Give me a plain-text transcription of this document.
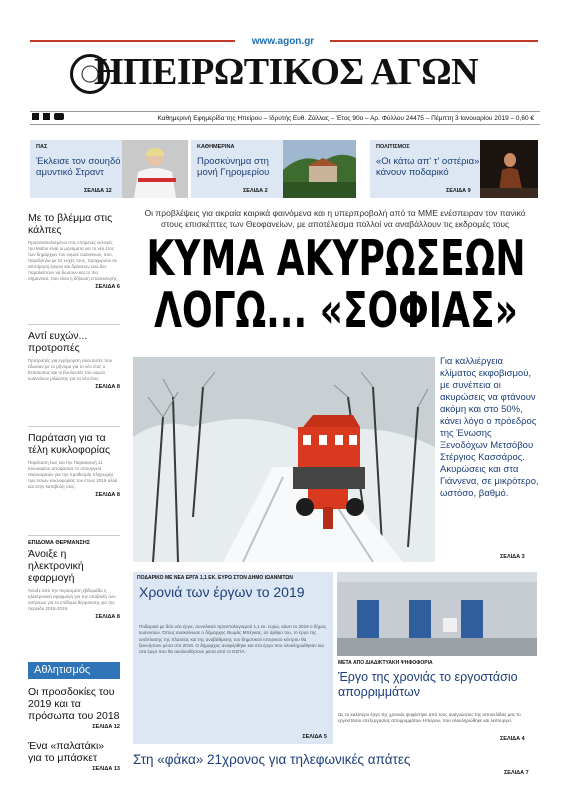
www.agon.gr
ΗΠΕΙΡΩΤΙΚΟΣ ΑΓΩΝ
Καθημερινή Εφημερίδα της Ηπείρου – Ιδρυτής Ευθ. Ζάλλας – Έτος 90ο – Αρ. Φύλλου 24475 – Πέμπτη 3 Ιανουαρίου 2019 – 0,60 €

ΠΑΣ
Έκλεισε τον σουηδό αμυντικό Στραντ
ΣΕΛΙΔΑ 12
ΚΑΘΗΜΕΡΙΝΑ
Προσκύνημα στη μονή Γηρομερίου
ΣΕΛΙΔΑ 2
ΠΟΛΙΤΙΣΜΟΣ
«Οι κάτω απ' τ' οστέρια» κάνουν ποδαρικό
ΣΕΛΙΔΑ 9
Με το βλέμμα στις κάλπες
Προσανατολισμένοι στις επόμενες εκλογές του Μαΐου είναι οι μηνύματα για το νέο έτος των δημάρχων του νομού Ιωαννίνων, που, παράλληλα με τις ευχές τους, προχωρούν σε αποτίμηση έργων και δράσεων ενώ δεν παραλείπουν να δώσουν και το πιο σημαντικό, που είναι η δήλωση επανεκλογής.
ΣΕΛΙΔΑ 6
Αντί ευχών... προτροπές
Προτροπές για εγρήγορση είναι αυτές που έδωσαν με το μήνυμα για το νέο έτος ο Επίσκοπος και οι βουλευτές του νομού Ιωαννίνων μιλώντας για τα νέα έτος.
ΣΕΛΙΔΑ 8
Παράταση για τα τέλη κυκλοφορίας
Παράταση έως και την Παρασκευή 11 Ιανουαρίου αποφάσισε το υπουργείο Οικονομικών για την προθεσμία πληρωμής των τελών κυκλοφορίας του έτους 2019 αλλά και στην καταβολή τους.
ΣΕΛΙΔΑ 8
ΕΠΙΔΟΜΑ ΘΕΡΜΑΝΣΗΣ
Άνοιξε η ηλεκτρονική εφαρμογή
Άνοιξε από την περασμένη εβδομάδα η ηλεκτρονική εφαρμογή για την υποβολή των αιτήσεων για το επίδομα θέρμανσης για την περίοδο 2018-2019.
ΣΕΛΙΔΑ 8
Αθλητισμός
Οι προσδοκίες του 2019 και τα πρόσωπα του 2018
ΣΕΛΙΔΑ 12
Ένα «παλατάκι» για το μπάσκετ
ΣΕΛΙΔΑ 13
Οι προβλέψεις για ακραία καιρικά φαινόμενα και η υπερπροβολή από τα ΜΜΕ ενέσπειραν τον πανικό στους επισκέπτες των Θεοφανείων, με αποτέλεσμα πολλοί να αναβάλλουν τις εκδρομές τους
ΚΥΜΑ ΑΚΥΡΩΣΕΩΝ
ΛΟΓΩ... «ΣΟΦΙΑΣ»
Για καλλιέργεια κλίματος εκφοβισμού, με συνέπεια οι ακυρώσεις να φτάνουν ακόμη και στο 50%, κάνει λόγο ο πρόεδρος της Ένωσης Ξενοδόχων Μετσόβου Στέργιος Κασσάρος. Ακυρώσεις και στα Γιάννενα, σε μικρότερο, ωστόσο, βαθμό.
ΣΕΛΙΔΑ 3
ΠΟΔΑΡΙΚΟ ΜΕ ΝΕΑ ΕΡΓΑ 1,1 ΕΚ. ΕΥΡΩ ΣΤΟΝ ΔΗΜΟ ΙΩΑΝΝΙΤΩΝ
Χρονιά των έργων το 2019
Ποδαρικό με δύο νέα έργα, συνολικού προϋπολογισμού 1,1 εκ. ευρώ, κάνει το 2019 ο δήμος Ιωαννιτών. Όπως ανακοίνωσε ο δήμαρχος Θωμάς Μπέγκας, σε άρθρο του, το έργο της ανάπλασης της πλατείας και της αναβάθμισης του δημοτικού ιστορικού κέντρου θα ξεκινήσουν μέσα στο 2019. Ο δήμαρχος αναφέρθηκε και στα έργα που ολοκληρώθηκαν και στα έργα που θα ακολουθήσουν μέσα από το ΕΣΠΑ.
ΣΕΛΙΔΑ 5
ΜΕΤΑ ΑΠΟ ΔΙΑΔΙΚΤΥΑΚΗ ΨΗΦΟΦΟΡΙΑ
Έργο της χρονιάς το εργοστάσιο απορριμμάτων
Ως το καλύτερο έργο της χρονιάς ψηφίστηκε από τους αναγνώστες της ιστοσελίδας μας το εργοστάσιο επεξεργασίας απορριμμάτων Ηπείρου, που ολοκληρώθηκε και λειτουργεί.
ΣΕΛΙΔΑ 4
Στη «φάκα» 21χρονος για τηλεφωνικές απάτες
ΣΕΛΙΔΑ 7
